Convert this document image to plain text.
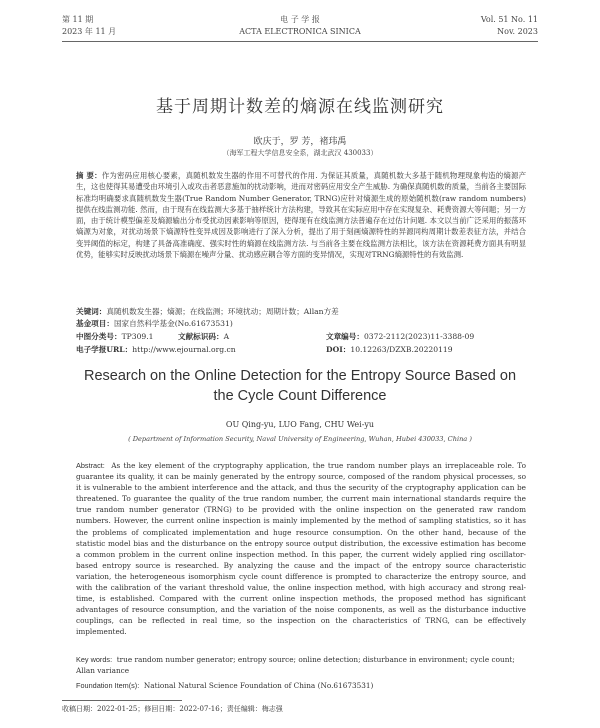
第 11 期
2023 年 11 月
电 子 学 报
ACTA ELECTRONICA SINICA
Vol. 51 No. 11
Nov. 2023
基于周期计数差的熵源在线监测研究
欧庆于，罗 芳，褚玮禹
（海军工程大学信息安全系，湖北武汉 430033）
摘 要：作为密码应用核心要素，真随机数发生器的作用不可替代的作用. 为保证其质量，真随机数大多基于随机物理现象构造的熵源产生，这也使得其易遭受由环境引入或攻击者恶意施加的扰动影响，进而对密码应用安全产生威胁. 为确保真随机数的质量，当前各主要国际标准均明确要求真随机数发生器(True Random Number Generator, TRNG)应针对熵源生成的原始随机数(raw random numbers)提供在线监测功能. 然而，由于现有在线监测大多基于抽样统计方法构建，导致其在实际应用中存在实现复杂、耗费资源大等问题；另一方面，由于统计模型偏差及熵源输出分布受扰动因素影响等原因，使得现有在线监测方法普遍存在过估计问题. 本文以当前广泛采用的振荡环熵源为对象，对扰动场景下熵源特性变异成因及影响进行了深入分析，提出了用于刻画熵源特性的异源同构周期计数差表征方法，并结合变异阈值的标定，构建了具备高准确度、强实时性的熵源在线监测方法. 与当前各主要在线监测方法相比，该方法在资源耗费方面具有明显优势，能够实时反映扰动场景下熵源在噪声分量、扰动感应耦合等方面的变异情况，实现对TRNG熵源特性的有效监测.
关键词：真随机数发生器；熵源；在线监测；环境扰动；周期计数；Allan方差
基金项目：国家自然科学基金(No.61673531)
中图分类号：TP309.1	文献标识码：A	文章编号：0372-2112(2023)11-3388-09
电子学报URL：http://www.ejournal.org.cn	DOI：10.12263/DZXB.20220119
Research on the Online Detection for the Entropy Source Based on the Cycle Count Difference
OU Qing-yu, LUO Fang, CHU Wei-yu
( Department of Information Security, Naval University of Engineering, Wuhan, Hubei 430033, China )
Abstract: As the key element of the cryptography application, the true random number plays an irreplaceable role. To guarantee its quality, it can be mainly generated by the entropy source, composed of the random physical processes, so it is vulnerable to the ambient interference and the attack, and thus the security of the cryptography application can be threatened. To guarantee the quality of the true random number, the current main international standards require the true random number generator (TRNG) to be provided with the online inspection on the generated raw random numbers. However, the current online inspection is mainly implemented by the method of sampling statistics, so it has the problems of complicated implementation and huge resource consumption. On the other hand, because of the statistic model bias and the disturbance on the entropy source output distribution, the excessive estimation has become a common problem in the current online inspection method. In this paper, the current widely applied ring oscillator-based entropy source is researched. By analyzing the cause and the impact of the entropy source characteristic variation, the heterogeneous isomorphism cycle count difference is prompted to characterize the entropy source, and with the calibration of the variant threshold value, the online inspection method, with high accuracy and strong real-time, is established. Compared with the current online inspection methods, the proposed method has significant advantages of resource consumption, and the variation of the noise components, as well as the disturbance inductive couplings, can be reflected in real time, so the inspection on the characteristics of TRNG, can be effectively implemented.
Key words: true random number generator; entropy source; online detection; disturbance in environment; cycle count; Allan variance
Foundation Item(s): National Natural Science Foundation of China (No.61673531)
收稿日期：2022-01-25；修回日期：2022-07-16；责任编辑：梅志强
